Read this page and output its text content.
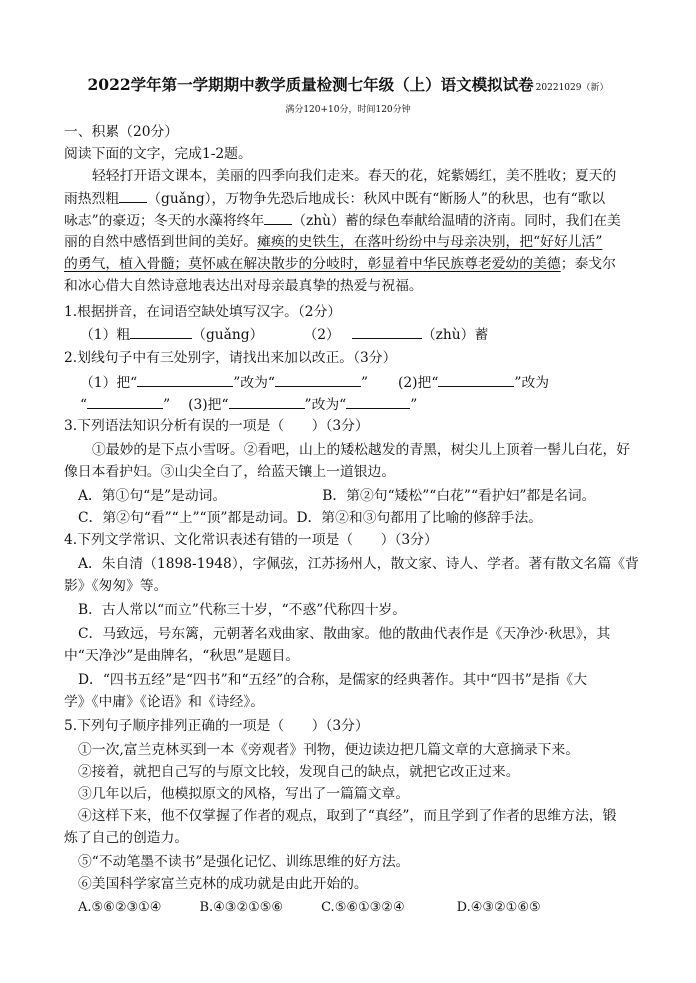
2022学年第一学期期中教学质量检测七年级（上）语文模拟试卷 20221029（新）
满分120+10分，时间120分钟
一、积累（20分）
阅读下面的文字，完成1-2题。
轻轻打开语文课本，美丽的四季向我们走来。春天的花，姹紫嫣红，美不胜收；夏天的
雨热烈粗 （guǎng），万物争先恐后地成长：秋风中既有“断肠人”的秋思，也有“歌以
咏志”的豪迈；冬天的水藻将终年 （zhù）蓄的绿色奉献给温晴的济南。同时，我们在美
丽的自然中感悟到世间的美好。瘫痪的史铁生，在落叶纷纷中与母亲决别，把“好好儿活”
的勇气，植入骨髓；莫怀戚在解决散步的分岐时，彰显着中华民族尊老爱幼的美德；泰戈尔
和冰心借大自然诗意地表达出对母亲最真挚的热爱与祝福。
1.根据拼音，在词语空缺处填写汉字。（2分）
（1）粗	（guǎng）	（2）	（zhù）蓄
2.划线句子中有三处别字，请找出来加以改正。（3分）
（1）把“	”改为“	” (2)把“	”改为
“	” (3)把“	”改为“	”
3.下列语法知识分析有误的一项是（　　）（3分）
①最妙的是下点小雪呀。②看吧，山上的矮松越发的青黑，树尖儿上顶着一髻儿白花，好
像日本看护妇。③山尖全白了，给蓝天镶上一道银边。
A．第①句“是”是动词。	B．第②句“矮松”“白花”“看护妇”都是名词。
C．第②句“看”“上”“顶”都是动词。D．第②和③句都用了比喻的修辞手法。
4.下列文学常识、文化常识表述有错的一项是（　　）（3分）
A．朱自清（1898-1948），字佩弦，江苏扬州人，散文家、诗人、学者。著有散文名篇《背
影》《匆匆》等。
B．古人常以“而立”代称三十岁，“不惑”代称四十岁。
C．马致远，号东篱，元朝著名戏曲家、散曲家。他的散曲代表作是《天净沙·秋思》，其
中“天净沙”是曲牌名，“秋思”是题目。
D．“四书五经”是“四书”和“五经”的合称，是儒家的经典著作。其中“四书”是指《大
学》《中庸》《论语》和《诗经》。
5.下列句子顺序排列正确的一项是（　　）（3分）
①一次,富兰克林买到一本《旁观者》刊物，便边读边把几篇文章的大意摘录下来。
②接着，就把自己写的与原文比较，发现自己的缺点，就把它改正过来。
③几年以后，他模拟原文的风格，写出了一篇篇文章。
④这样下来，他不仅掌握了作者的观点，取到了“真经”，而且学到了作者的思维方法，锻
炼了自己的创造力。
⑤“不动笔墨不读书”是强化记忆、训练思维的好方法。
⑥美国科学家富兰克林的成功就是由此开始的。
A.⑤⑥②③①④	B.④③②①⑤⑥	C.⑤⑥①③②④	D.④③②①⑥⑤
